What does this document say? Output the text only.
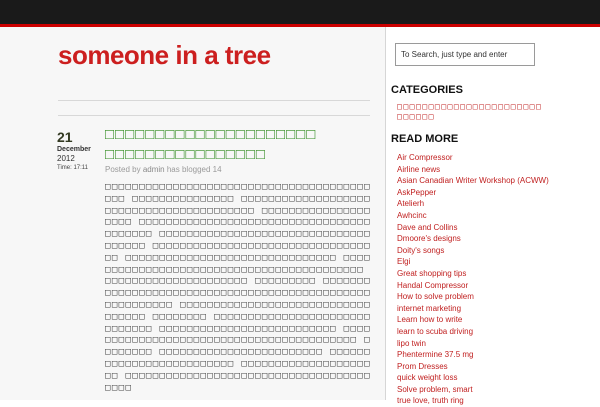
someone in a tree
21
December
2012
Time: 17:11
□□□□□□□□□□□□□□□□□□□□□ □□□□□□□□□□□□□□□□
Posted by admin has blogged 14
□□□□□□□□□□□□□□□□□□□□□□□□□□□□□□□□□□□□□□□□□□ □□□□□□□□□□□□□□□ □□□□□□□□□□□□□□□□□□□□□□□□□□□□□□□□□□□□□□□□□ □□□□□□□□□□□□□□□□□□□□ □□□□□□□□□□□□□□□□□□□□□□□□□□□□□□□□□□□□□□□□□ □□□□□□□□□□□□□□□□□□□□□□□□□□□□□□□□□□□□□ □□□□□□□□□□□□□□□□□□□□□□□□□□□□□□□□□□ □□□□□□□□□□□□□□□□□□□□□□□□□□□□□□□ □□□□□□□□□□□□□□□□□□□□□□□□□□□□□□□□□□□□□□□□□□ □□□□□□□□□□□□□□□□□□□□□ □□□□□□□□□ □□□□□□□□□□□□□□□□□□□□□□□□□□□□□□□□□□□□□□□□□□□□□□□□□□□□□□□□ □□□□□□□□□□□□□□□□□□□□□□□□□□□□□□□□□□ □□□□□□□□ □□□□□□□□□□□□□□□□□□□□□□□□□□□□□□ □□□□□□□□□□□□□□□□□□□□□□□□□□ □□□□□□□□□□□□□□□□□□□□□□□□□□□□□□□□□□□□□□□□□ □□□□□□□□ □□□□□□□□□□□□□□□□□□□□□□□□ □□□□□□□□□□□□□□□□□□□□□□□□□ □□□□□□□□□□□□□□□□□□□□□ □□□□□□□□□□□□□□□□□□□□□□□□□□□□□□□□□□□□□□□□
To Search, just type and enter
CATEGORIES
□□□□□□□□□□□□□□□□□□□□□□□□□□□□□
READ MORE
Air Compressor
Airline news
Asian Canadian Writer Workshop (ACWW)
AskPepper
Atelierh
Awhcinc
Dave and Collins
Dmoore's designs
Doity's songs
Elgi
Great shopping tips
Handal Compressor
How to solve problem
internet marketing
Learn how to write
learn to scuba driving
lipo twin
Phentermine 37.5 mg
Prom Dresses
quick weight loss
Solve problem, smart
true love, truth ring
